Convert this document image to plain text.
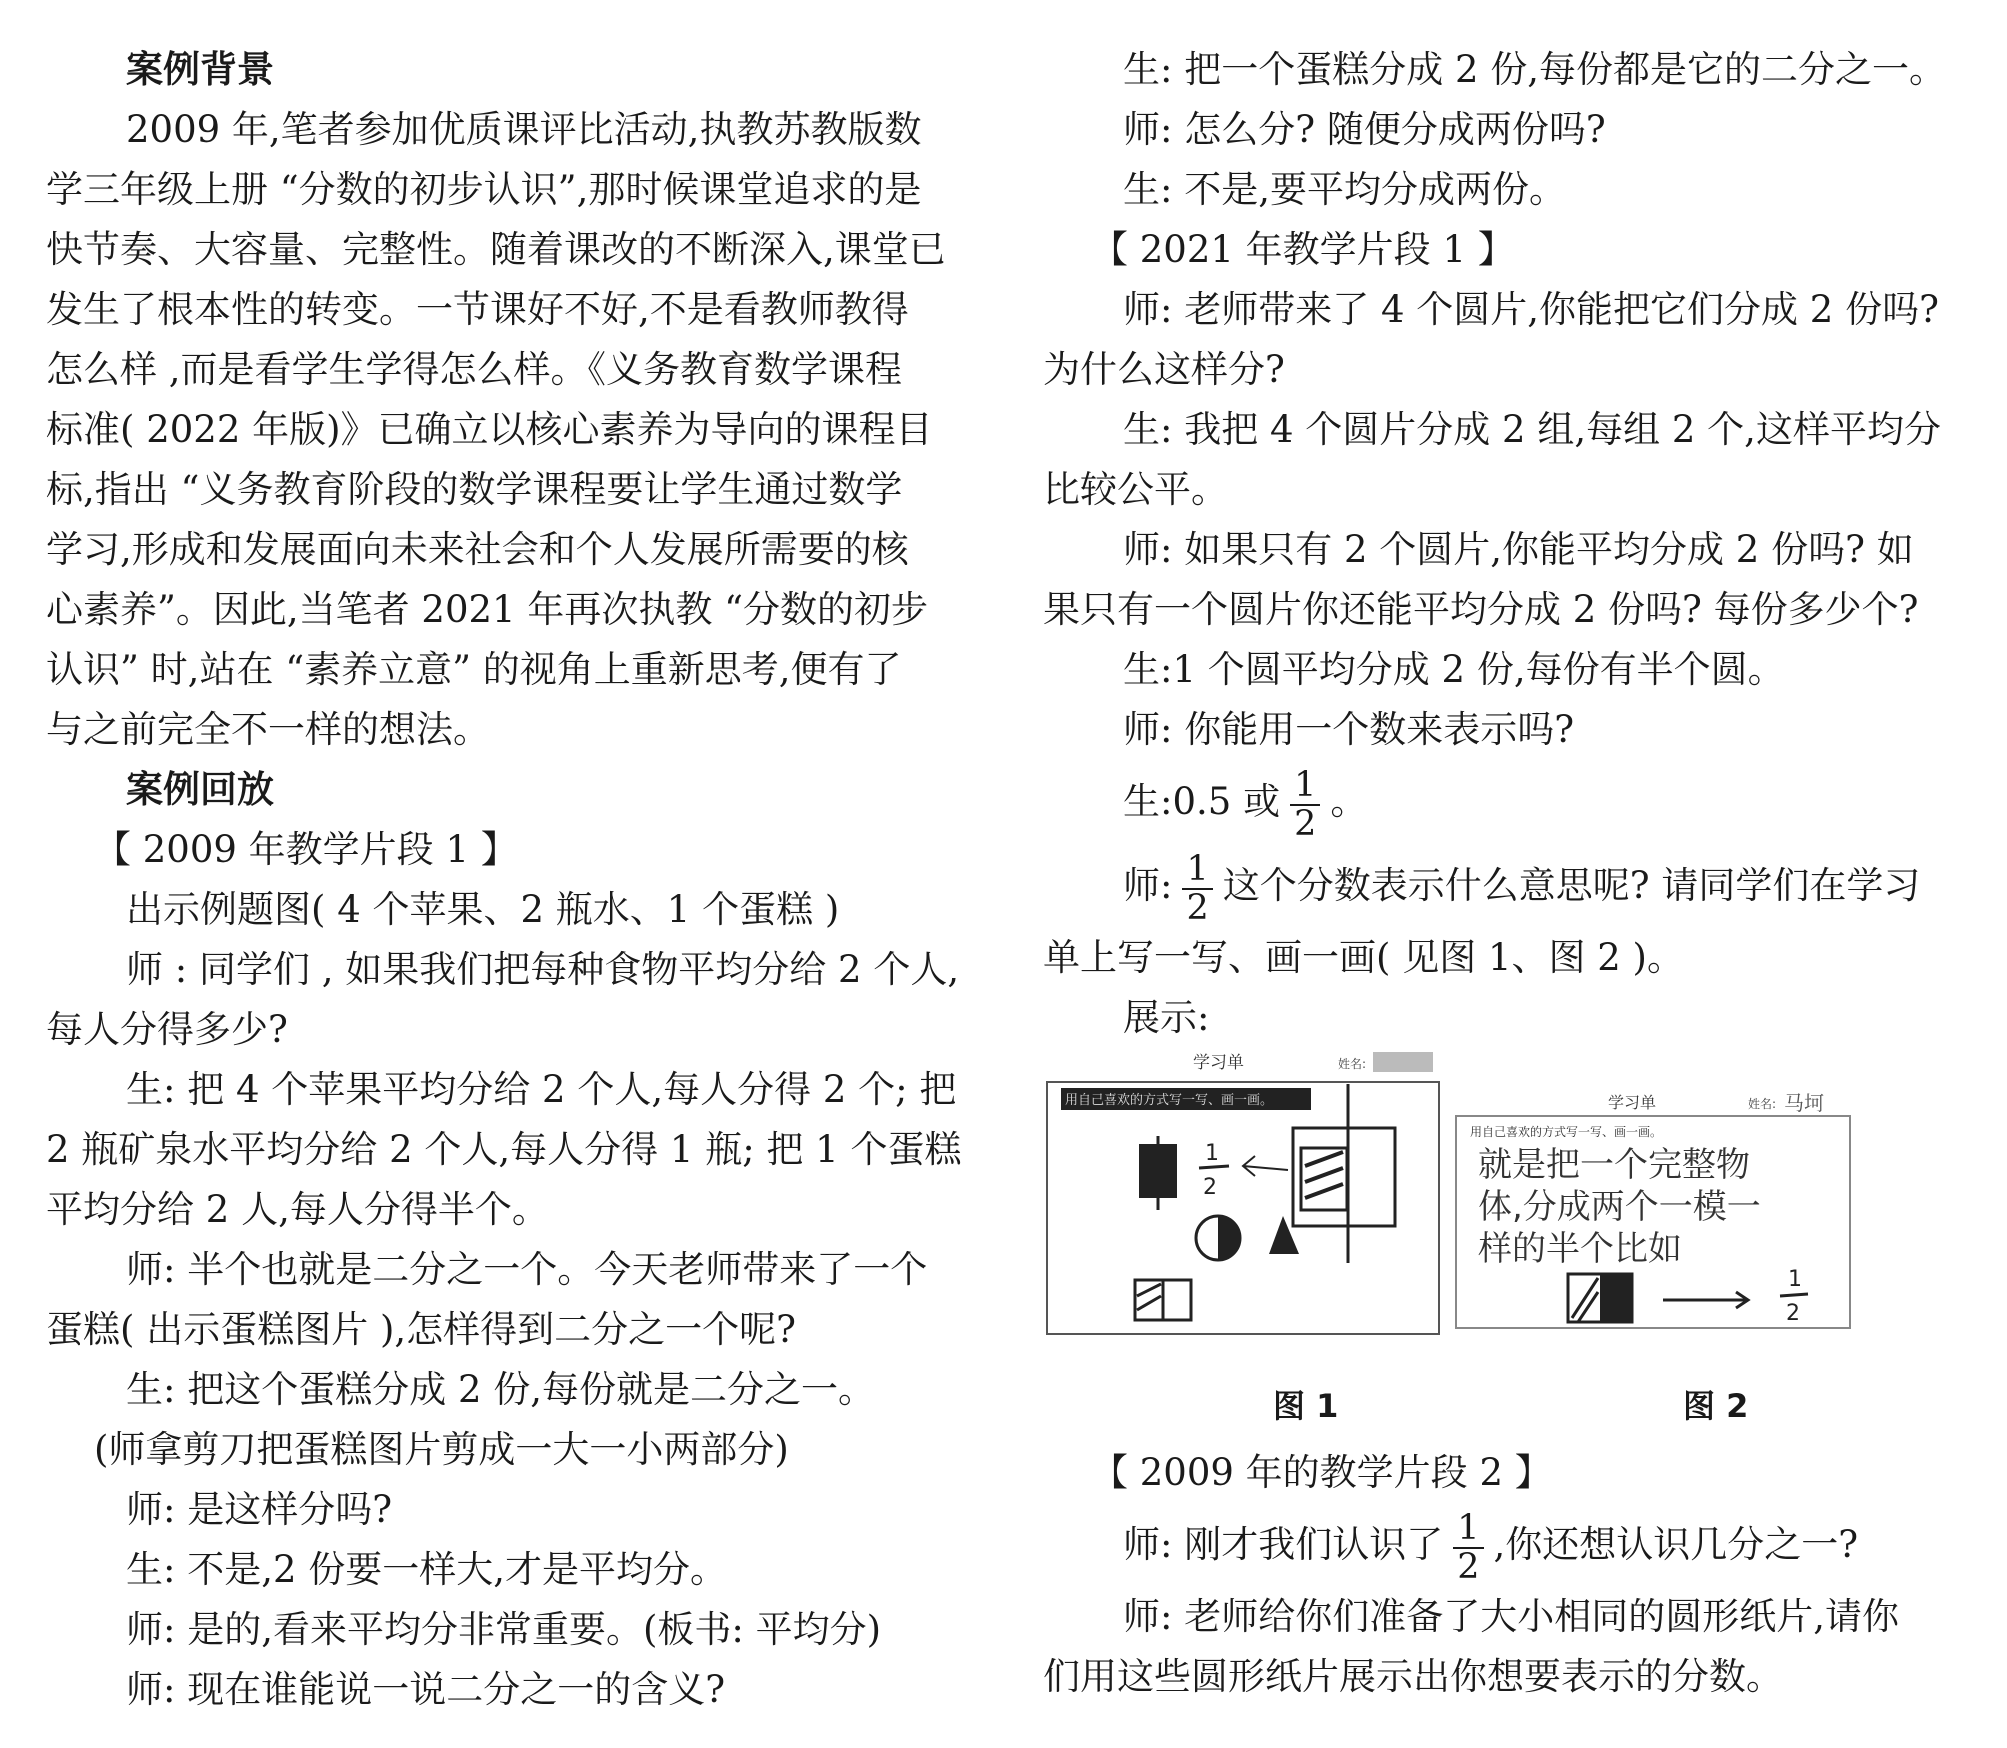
案例背景
2009 年,笔者参加优质课评比活动,执教苏教版数
学三年级上册 “分数的初步认识”,那时候课堂追求的是
快节奏、大容量、完整性。随着课改的不断深入,课堂已
发生了根本性的转变。一节课好不好,不是看教师教得
怎么样 ,而是看学生学得怎么样。《义务教育数学课程
标准( 2022 年版)》已确立以核心素养为导向的课程目
标,指出 “义务教育阶段的数学课程要让学生通过数学
学习,形成和发展面向未来社会和个人发展所需要的核
心素养”。因此,当笔者 2021 年再次执教 “分数的初步
认识” 时,站在 “素养立意” 的视角上重新思考,便有了
与之前完全不一样的想法。
案例回放
【 2009 年教学片段 1 】
出示例题图( 4 个苹果、2 瓶水、1 个蛋糕 )
师 : 同学们 , 如果我们把每种食物平均分给 2 个人,
每人分得多少?
生: 把 4 个苹果平均分给 2 个人,每人分得 2 个; 把
2 瓶矿泉水平均分给 2 个人,每人分得 1 瓶; 把 1 个蛋糕
平均分给 2 人,每人分得半个。
师: 半个也就是二分之一个。今天老师带来了一个
蛋糕( 出示蛋糕图片 ),怎样得到二分之一个呢?
生: 把这个蛋糕分成 2 份,每份就是二分之一。
(师拿剪刀把蛋糕图片剪成一大一小两部分)
师: 是这样分吗?
生: 不是,2 份要一样大,才是平均分。
师: 是的,看来平均分非常重要。(板书: 平均分)
师: 现在谁能说一说二分之一的含义?
生: 把一个蛋糕分成 2 份,每份都是它的二分之一。
师: 怎么分? 随便分成两份吗?
生: 不是,要平均分成两份。
【 2021 年教学片段 1 】
师: 老师带来了 4 个圆片,你能把它们分成 2 份吗?
为什么这样分?
生: 我把 4 个圆片分成 2 组,每组 2 个,这样平均分
比较公平。
师: 如果只有 2 个圆片,你能平均分成 2 份吗? 如
果只有一个圆片你还能平均分成 2 份吗? 每份多少个?
生:1 个圆平均分成 2 份,每份有半个圆。
师: 你能用一个数来表示吗?
生:0.5 或 $\frac{1}{2}$ 。
师: $\frac{1}{2}$ 这个分数表示什么意思呢? 请同学们在学习
单上写一写、画一画( 见图 1、图 2 )。
展示:
学习单	姓名:
用自己喜欢的方式写一写、画一画。
1
2

学习单	姓名: 马坷
用自己喜欢的方式写一写、画一画。
就是把一个完整物
体,分成两个一模一
样的半个比如
1
2
图 1	图 2
【 2009 年的教学片段 2 】
师: 刚才我们认识了 $\frac{1}{2}$ ,你还想认识几分之一?
师: 老师给你们准备了大小相同的圆形纸片,请你
们用这些圆形纸片展示出你想要表示的分数。
